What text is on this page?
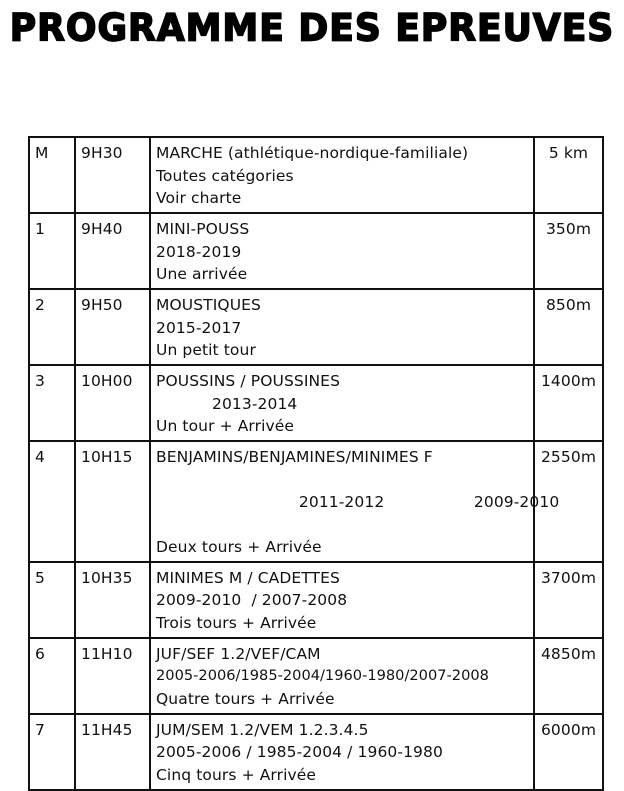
PROGRAMME DES EPREUVES
M	9H30	MARCHE (athlétique-nordique-familiale)
Toutes catégories
Voir charte	5 km
1	9H40	MINI-POUSS
2018-2019
Une arrivée	350m
2	9H50	MOUSTIQUES
2015-2017
Un petit tour	850m
3	10H00	POUSSINS / POUSSINES
2013-2014
Un tour + Arrivée	1400m
4	10H15	BENJAMINS/BENJAMINES/MINIMES F

2011-2012 2009-2010

Deux tours + Arrivée	2550m
5	10H35	MINIMES M / CADETTES
2009-2010  / 2007-2008
Trois tours + Arrivée	3700m
6	11H10	JUF/SEF 1.2/VEF/CAM
2005-2006/1985-2004/1960-1980/2007-2008
Quatre tours + Arrivée	4850m
7	11H45	JUM/SEM 1.2/VEM 1.2.3.4.5
2005-2006 / 1985-2004 / 1960-1980
Cinq tours + Arrivée	6000m
